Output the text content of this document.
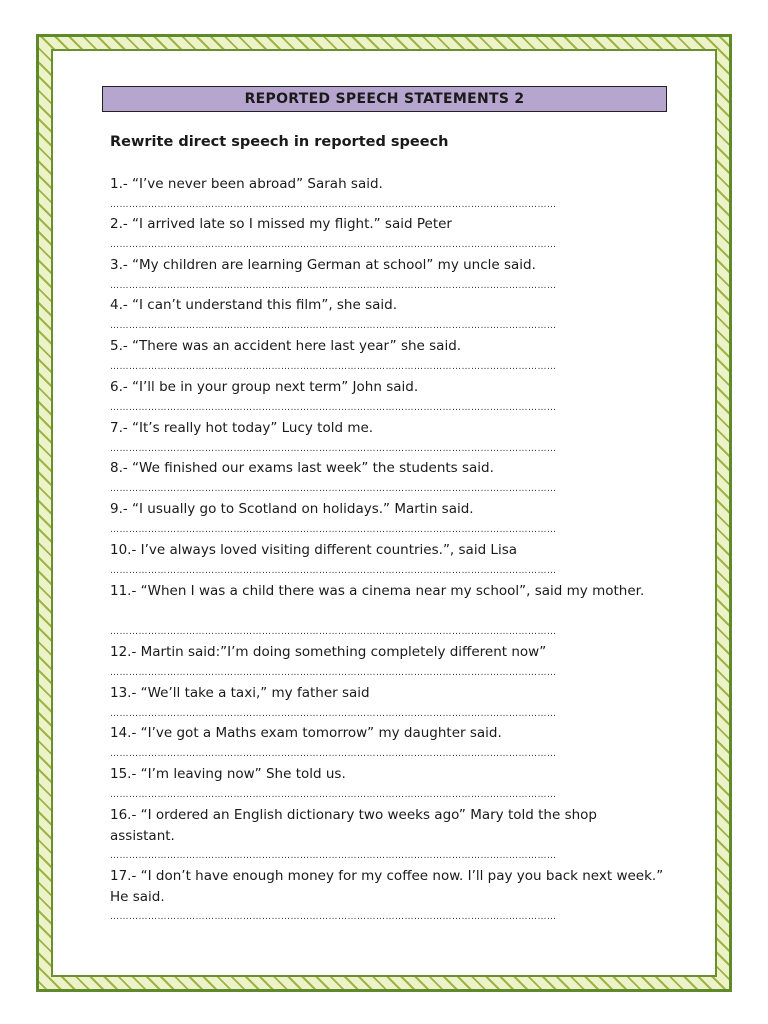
REPORTED SPEECH STATEMENTS 2
Rewrite direct speech in reported speech
1.- “I’ve never been abroad” Sarah said.
……………………………………………………………………………………………………………………………
2.- “I arrived late so I missed my flight.” said Peter
……………………………………………………………………………………………………………………………
3.- “My children are learning German at school” my uncle said.
……………………………………………………………………………………………………………………………
4.- “I can’t understand this film”, she said.
……………………………………………………………………………………………………………………………
5.- “There was an accident here last year” she said.
……………………………………………………………………………………………………………………………
6.- “I’ll be in your group next term” John said.
……………………………………………………………………………………………………………………………
7.- “It’s really hot today” Lucy told me.
……………………………………………………………………………………………………………………………
8.- “We finished our exams last week” the students said.
……………………………………………………………………………………………………………………………
9.- “I usually go to Scotland on holidays.” Martin said.
……………………………………………………………………………………………………………………………
10.- I’ve always loved visiting different countries.”, said Lisa
……………………………………………………………………………………………………………………………
11.- “When I was a child there was a cinema near my school”, said my mother.
……………………………………………………………………………………………………………………………
12.- Martin said:”I’m doing something completely different now”
……………………………………………………………………………………………………………………………
13.- “We’ll take a taxi,” my father said
……………………………………………………………………………………………………………………………
14.- “I’ve got a Maths exam tomorrow” my daughter said.
……………………………………………………………………………………………………………………………
15.- “I’m leaving now” She told us.
……………………………………………………………………………………………………………………………
16.- “I ordered an English dictionary two weeks ago” Mary told the shop assistant.
……………………………………………………………………………………………………………………………
17.- “I don’t have enough money for my coffee now. I’ll pay you back next week.” He said.
……………………………………………………………………………………………………………………………
